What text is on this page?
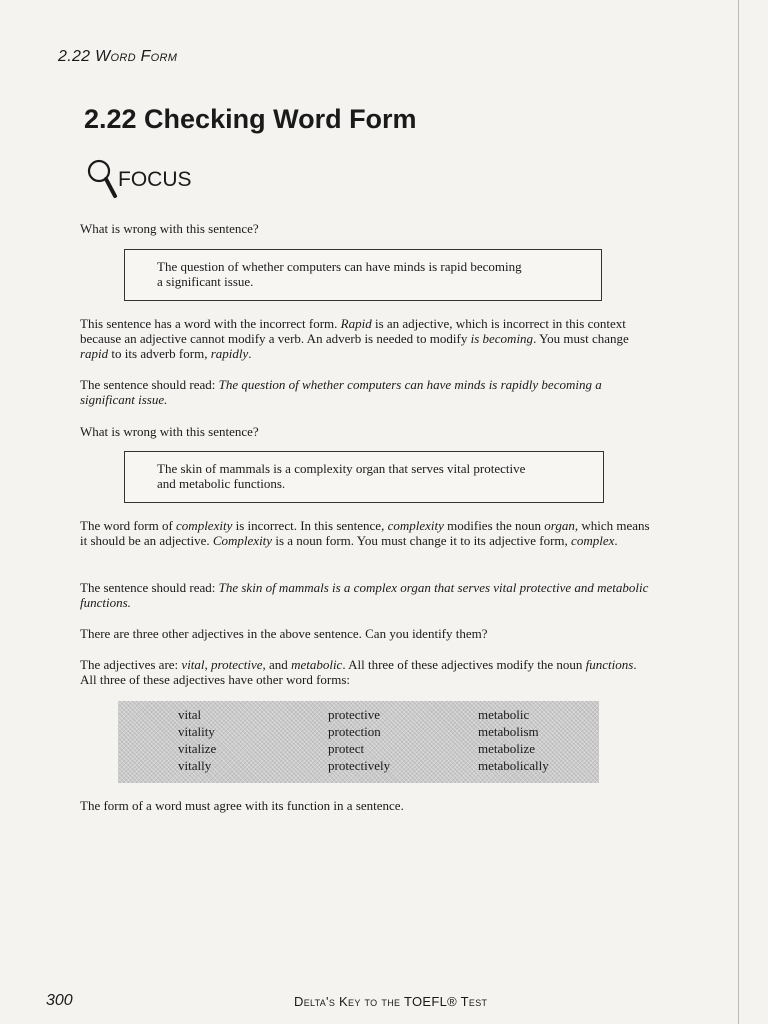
2.22 Word Form
2.22 Checking Word Form
FOCUS

What is wrong with this sentence?

The question of whether computers can have minds is rapid becoming
a significant issue.

This sentence has a word with the incorrect form. Rapid is an adjective, which is incorrect in this context because an adjective cannot modify a verb. An adverb is needed to modify is becoming. You must change rapid to its adverb form, rapidly.

The sentence should read: The question of whether computers can have minds is rapidly becoming a significant issue.

What is wrong with this sentence?

The skin of mammals is a complexity organ that serves vital protective
and metabolic functions.

The word form of complexity is incorrect. In this sentence, complexity modifies the noun organ, which means it should be an adjective. Complexity is a noun form. You must change it to its adjective form, complex.

The sentence should read: The skin of mammals is a complex organ that serves vital protective and metabolic functions.

There are three other adjectives in the above sentence. Can you identify them?

The adjectives are: vital, protective, and metabolic. All three of these adjectives modify the noun functions. All three of these adjectives have other word forms:

vital
vitality
vitalize
vitally
protective
protection
protect
protectively
metabolic
metabolism
metabolize
metabolically

The form of a word must agree with its function in a sentence.

300	Delta's Key to the TOEFL® Test
